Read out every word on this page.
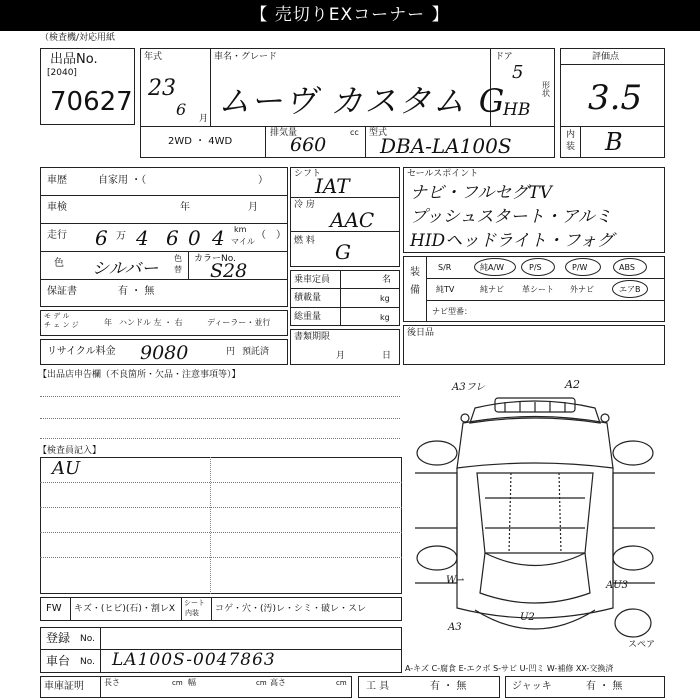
【 売切りEXコーナー 】
（検査機/対応用紙
出品No.
[2040]
70627
年式
23
6 月
車名・グレード
ムーヴ カスタム G
ドア
5
形状
HB
2WD ・ 4WD
排気量	cc
660
型式
DBA-LA100S
評価点
3.5
内
装 B
車歴	自家用 ・（	）
車検	年	月
走行 6 万 4 6 0 4 km
マイル
（ ）
色 シルバー
色
替
カラーNo.
S28
保証書	有 ・ 無
モ デ ル
チ ェ ン ジ	年 ハンドル 左 ・ 右	ディーラー・並行
リサイクル料金 9080	円 預託済
シフト
IAT
冷 房
AAC
燃 料 G
乗車定員	名
積載量	kg
総重量	kg
書類期限
月	日
セールスポイント
ナビ・フルセグTV
プッシュスタート・アルミ
HIDヘッドライト・フォグ
装
備
S/R	純A/W	P/S	P/W	ABS
純TV	純ナビ 革シート 外ナビ	エアB
ナビ型番：
後日品
【出品店申告欄（不良箇所・欠品・注意事項等）】
【検査員記入】
AU
A3フレ	A2
W⇀	AU3
A3
U2
スペア
FW キズ・(ヒビ)(石)・割レX
シート
内装 コゲ・穴・(汚)レ・シミ・破レ・スレ
登録 No.
車台 No. LA100S-0047863	A-キズ C-腐食 E-エクボ S-サビ U-凹ミ W-補修 XX-交換済
車庫証明	長さ	cm 幅	cm 高さ	cm 工 具	有 ・ 無	ジャッキ	有 ・ 無
